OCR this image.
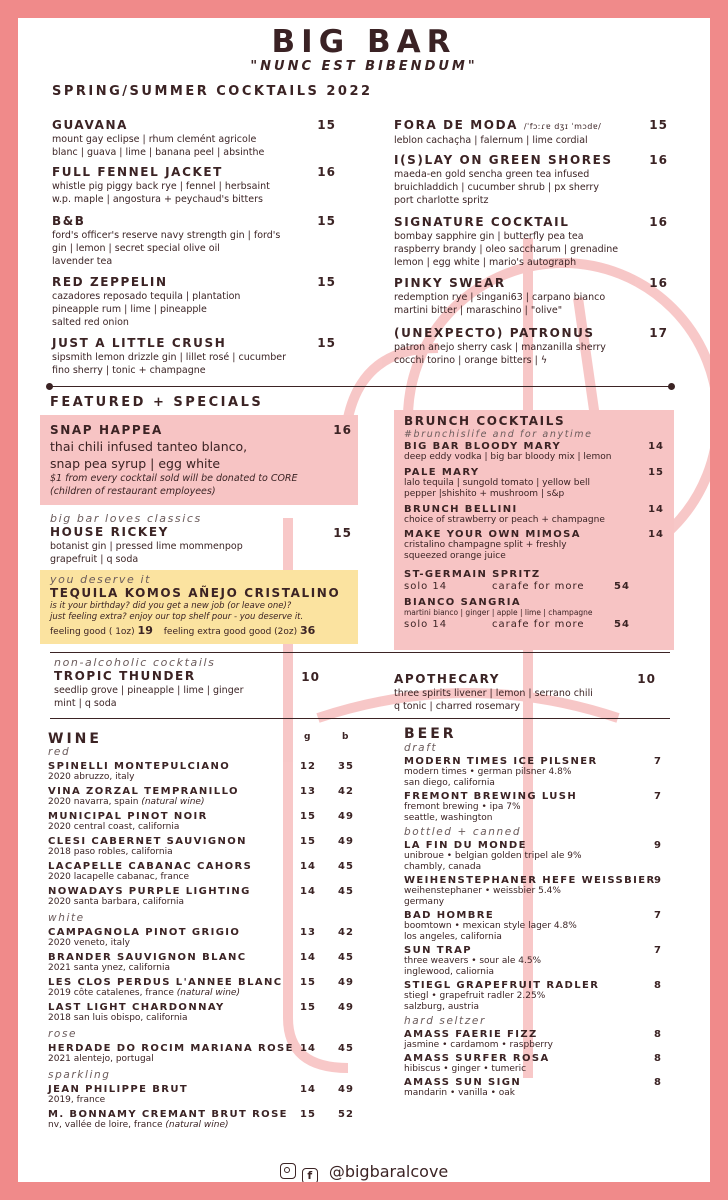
BIG BAR
"NUNC EST BIBENDUM"
SPRING/SUMMER COCKTAILS 2022
GUAVANA
mount gay eclipse | rhum clemént agricole
blanc | guava | lime | banana peel | absinthe
15
FULL FENNEL JACKET
whistle pig piggy back rye | fennel | herbsaint
w.p. maple | angostura + peychaud's bitters
16
B&B
ford's officer's reserve navy strength gin | ford's
gin | lemon | secret special olive oil
lavender tea
15
RED ZEPPELIN
cazadores reposado tequila | plantation
pineapple rum | lime | pineapple
salted red onion
15
JUST A LITTLE CRUSH
sipsmith lemon drizzle gin | lillet rosé | cucumber
fino sherry | tonic + champagne
15
FORA DE MODA /ˈfɔːɾɐ dʒɪ ˈmɔdɐ/
leblon cachaçha | falernum | lime cordial
15
I(S)LAY ON GREEN SHORES
maeda-en gold sencha green tea infused
bruichladdich | cucumber shrub | px sherry
port charlotte spritz
16
SIGNATURE COCKTAIL
bombay sapphire gin | butterfly pea tea
raspberry brandy | oleo saccharum | grenadine
lemon | egg white | mario's autograph
16
PINKY SWEAR
redemption rye | singani63 | carpano bianco
martini bitter | maraschino | "olive"
16
(UNEXPECTO) PATRONUS
patron anejo sherry cask | manzanilla sherry
cocchi torino | orange bitters | ϟ
17
FEATURED + SPECIALS
SNAP HAPPEA
thai chili infused tanteo blanco,
snap pea syrup | egg white
$1 from every cocktail sold will be donated to CORE
(children of restaurant employees)
16
big bar loves classics
HOUSE RICKEY
botanist gin | pressed lime mommenpop
grapefruit | q soda
15
you deserve it
TEQUILA KOMOS AÑEJO CRISTALINO
is it your birthday? did you get a new job (or leave one)?
just feeling extra? enjoy our top shelf pour - you deserve it.
feeling good ( 1oz) 19 feeling extra good good (2oz) 36
BRUNCH COCKTAILS
#brunchislife and for anytime
BIG BAR BLOODY MARY
deep eddy vodka | big bar bloody mix | lemon
14
PALE MARY
lalo tequila | sungold tomato | yellow bell
pepper |shishito + mushroom | s&p
15
BRUNCH BELLINI
choice of strawberry or peach + champagne
14
MAKE YOUR OWN MIMOSA
cristalino champagne split + freshly
squeezed orange juice
14
ST-GERMAIN SPRITZ
solo 14	carafe for more	54
BIANCO SANGRIA
martini bianco | ginger | apple | lime | champagne
solo 14	carafe for more	54
non-alcoholic cocktails
TROPIC THUNDER
seedlip grove | pineapple | lime | ginger
mint | q soda
10	APOTHECARY
three spirits livener | lemon | serrano chili
q tonic | charred rosemary
10
WINE	g	b
red
SPINELLI MONTEPULCIANO
2020 abruzzo, italy
12 35
VINA ZORZAL TEMPRANILLO
2020 navarra, spain (natural wine)
13 42
MUNICIPAL PINOT NOIR
2020 central coast, california
15 49
CLESI CABERNET SAUVIGNON
2018 paso robles, california
15 49
LACAPELLE CABANAC CAHORS
2020 lacapelle cabanac, france
14 45
NOWADAYS PURPLE LIGHTING
2020 santa barbara, california
14 45
white
CAMPAGNOLA PINOT GRIGIO
2020 veneto, italy
13 42
BRANDER SAUVIGNON BLANC
2021 santa ynez, california
14 45
LES CLOS PERDUS L'ANNEE BLANC
2019 côte catalenes, france (natural wine)
15 49
LAST LIGHT CHARDONNAY
2018 san luis obispo, california
15 49
rose
HERDADE DO ROCIM MARIANA ROSE
2021 alentejo, portugal
14 45
sparkling
JEAN PHILIPPE BRUT
2019, france
14 49
M. BONNAMY CREMANT BRUT ROSE
nv, vallée de loire, france (natural wine)
15 52
BEER
draft
MODERN TIMES ICE PILSNER
modern times • german pilsner 4.8%
san diego, california
7
FREMONT BREWING LUSH
fremont brewing • ipa 7%
seattle, washington
7
bottled + canned
LA FIN DU MONDE
unibroue • belgian golden tripel ale 9%
chambly, canada
9
WEIHENSTEPHANER HEFE WEISSBIER
weihenstephaner • weissbier 5.4%
germany
9
BAD HOMBRE
boomtown • mexican style lager 4.8%
los angeles, california
7
SUN TRAP
three weavers • sour ale 4.5%
inglewood, caliornia
7
STIEGL GRAPEFRUIT RADLER
stiegl • grapefruit radler 2.25%
salzburg, austria
8
hard seltzer
AMASS FAERIE FIZZ
jasmine • cardamom • raspberry
8
AMASS SURFER ROSA
hibiscus • ginger • tumeric
8
AMASS SUN SIGN
mandarin • vanilla • oak
8
f @bigbaralcove
